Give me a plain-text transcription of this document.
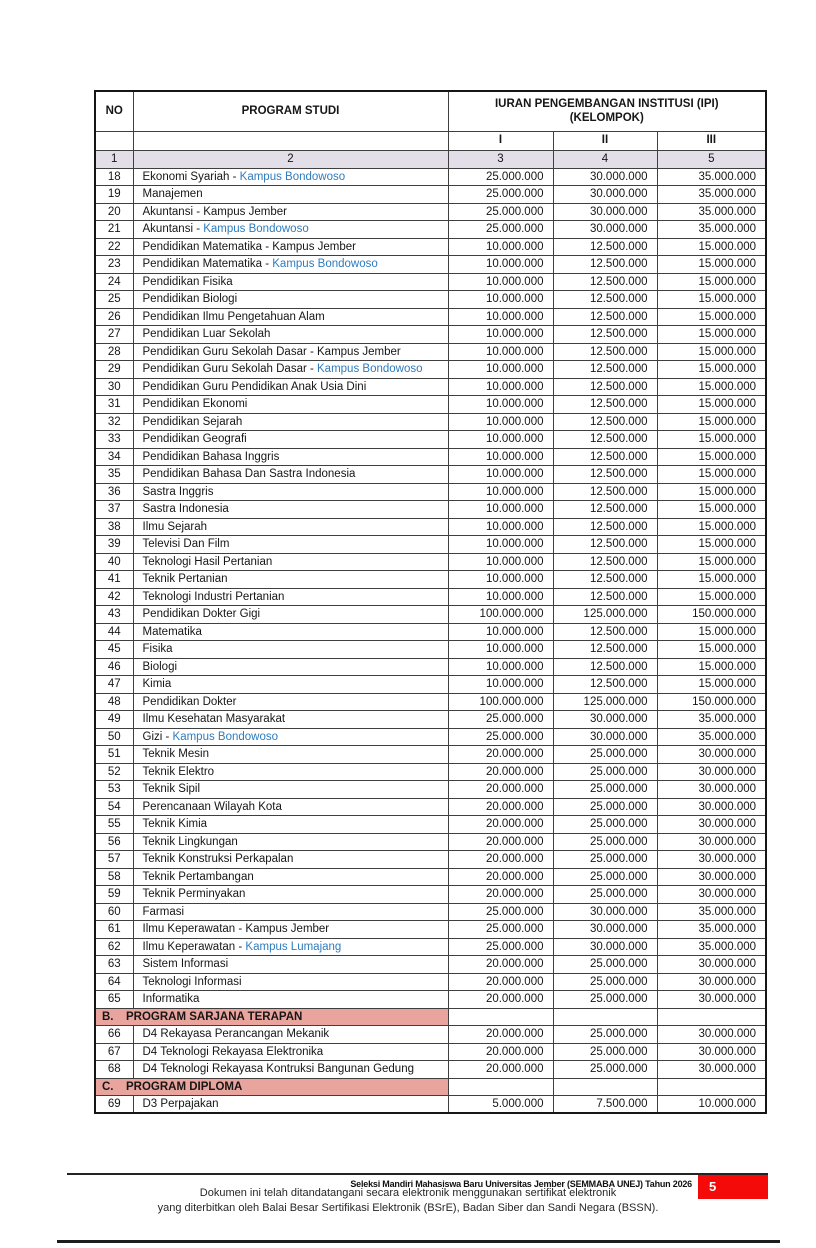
NO	PROGRAM STUDI	IURAN PENGEMBANGAN INSTITUSI (IPI)
(KELOMPOK)		

		I	II	III
1	2	3	4	5
18	Ekonomi Syariah - Kampus Bondowoso	25.000.000	30.000.000	35.000.000
19	Manajemen	25.000.000	30.000.000	35.000.000
20	Akuntansi - Kampus Jember	25.000.000	30.000.000	35.000.000
21	Akuntansi - Kampus Bondowoso	25.000.000	30.000.000	35.000.000
22	Pendidikan Matematika - Kampus Jember	10.000.000	12.500.000	15.000.000
23	Pendidikan Matematika - Kampus Bondowoso	10.000.000	12.500.000	15.000.000
24	Pendidikan Fisika	10.000.000	12.500.000	15.000.000
25	Pendidikan Biologi	10.000.000	12.500.000	15.000.000
26	Pendidikan Ilmu Pengetahuan Alam	10.000.000	12.500.000	15.000.000
27	Pendidikan Luar Sekolah	10.000.000	12.500.000	15.000.000
28	Pendidikan Guru Sekolah Dasar - Kampus Jember	10.000.000	12.500.000	15.000.000
29	Pendidikan Guru Sekolah Dasar - Kampus Bondowoso	10.000.000	12.500.000	15.000.000
30	Pendidikan Guru Pendidikan Anak Usia Dini	10.000.000	12.500.000	15.000.000
31	Pendidikan Ekonomi	10.000.000	12.500.000	15.000.000
32	Pendidikan Sejarah	10.000.000	12.500.000	15.000.000
33	Pendidikan Geografi	10.000.000	12.500.000	15.000.000
34	Pendidikan Bahasa Inggris	10.000.000	12.500.000	15.000.000
35	Pendidikan Bahasa Dan Sastra Indonesia	10.000.000	12.500.000	15.000.000
36	Sastra Inggris	10.000.000	12.500.000	15.000.000
37	Sastra Indonesia	10.000.000	12.500.000	15.000.000
38	Ilmu Sejarah	10.000.000	12.500.000	15.000.000
39	Televisi Dan Film	10.000.000	12.500.000	15.000.000
40	Teknologi Hasil Pertanian	10.000.000	12.500.000	15.000.000
41	Teknik Pertanian	10.000.000	12.500.000	15.000.000
42	Teknologi Industri Pertanian	10.000.000	12.500.000	15.000.000
43	Pendidikan Dokter Gigi	100.000.000	125.000.000	150.000.000
44	Matematika	10.000.000	12.500.000	15.000.000
45	Fisika	10.000.000	12.500.000	15.000.000
46	Biologi	10.000.000	12.500.000	15.000.000
47	Kimia	10.000.000	12.500.000	15.000.000
48	Pendidikan Dokter	100.000.000	125.000.000	150.000.000
49	Ilmu Kesehatan Masyarakat	25.000.000	30.000.000	35.000.000
50	Gizi - Kampus Bondowoso	25.000.000	30.000.000	35.000.000
51	Teknik Mesin	20.000.000	25.000.000	30.000.000
52	Teknik Elektro	20.000.000	25.000.000	30.000.000
53	Teknik Sipil	20.000.000	25.000.000	30.000.000
54	Perencanaan Wilayah Kota	20.000.000	25.000.000	30.000.000
55	Teknik Kimia	20.000.000	25.000.000	30.000.000
56	Teknik Lingkungan	20.000.000	25.000.000	30.000.000
57	Teknik Konstruksi Perkapalan	20.000.000	25.000.000	30.000.000
58	Teknik Pertambangan	20.000.000	25.000.000	30.000.000
59	Teknik Perminyakan	20.000.000	25.000.000	30.000.000
60	Farmasi	25.000.000	30.000.000	35.000.000
61	Ilmu Keperawatan - Kampus Jember	25.000.000	30.000.000	35.000.000
62	Ilmu Keperawatan - Kampus Lumajang	25.000.000	30.000.000	35.000.000
63	Sistem Informasi	20.000.000	25.000.000	30.000.000
64	Teknologi Informasi	20.000.000	25.000.000	30.000.000
65	Informatika	20.000.000	25.000.000	30.000.000
B. PROGRAM SARJANA TERAPAN				
66	D4 Rekayasa Perancangan Mekanik	20.000.000	25.000.000	30.000.000
67	D4 Teknologi Rekayasa Elektronika	20.000.000	25.000.000	30.000.000
68	D4 Teknologi Rekayasa Kontruksi Bangunan Gedung	20.000.000	25.000.000	30.000.000
C. PROGRAM DIPLOMA				
69	D3 Perpajakan	5.000.000	7.500.000	10.000.000
Seleksi Mandiri Mahasiswa Baru Universitas Jember (SEMMABA UNEJ) Tahun 2026	5
Dokumen ini telah ditandatangani secara elektronik menggunakan sertifikat elektronik
yang diterbitkan oleh Balai Besar Sertifikasi Elektronik (BSrE), Badan Siber dan Sandi Negara (BSSN).
